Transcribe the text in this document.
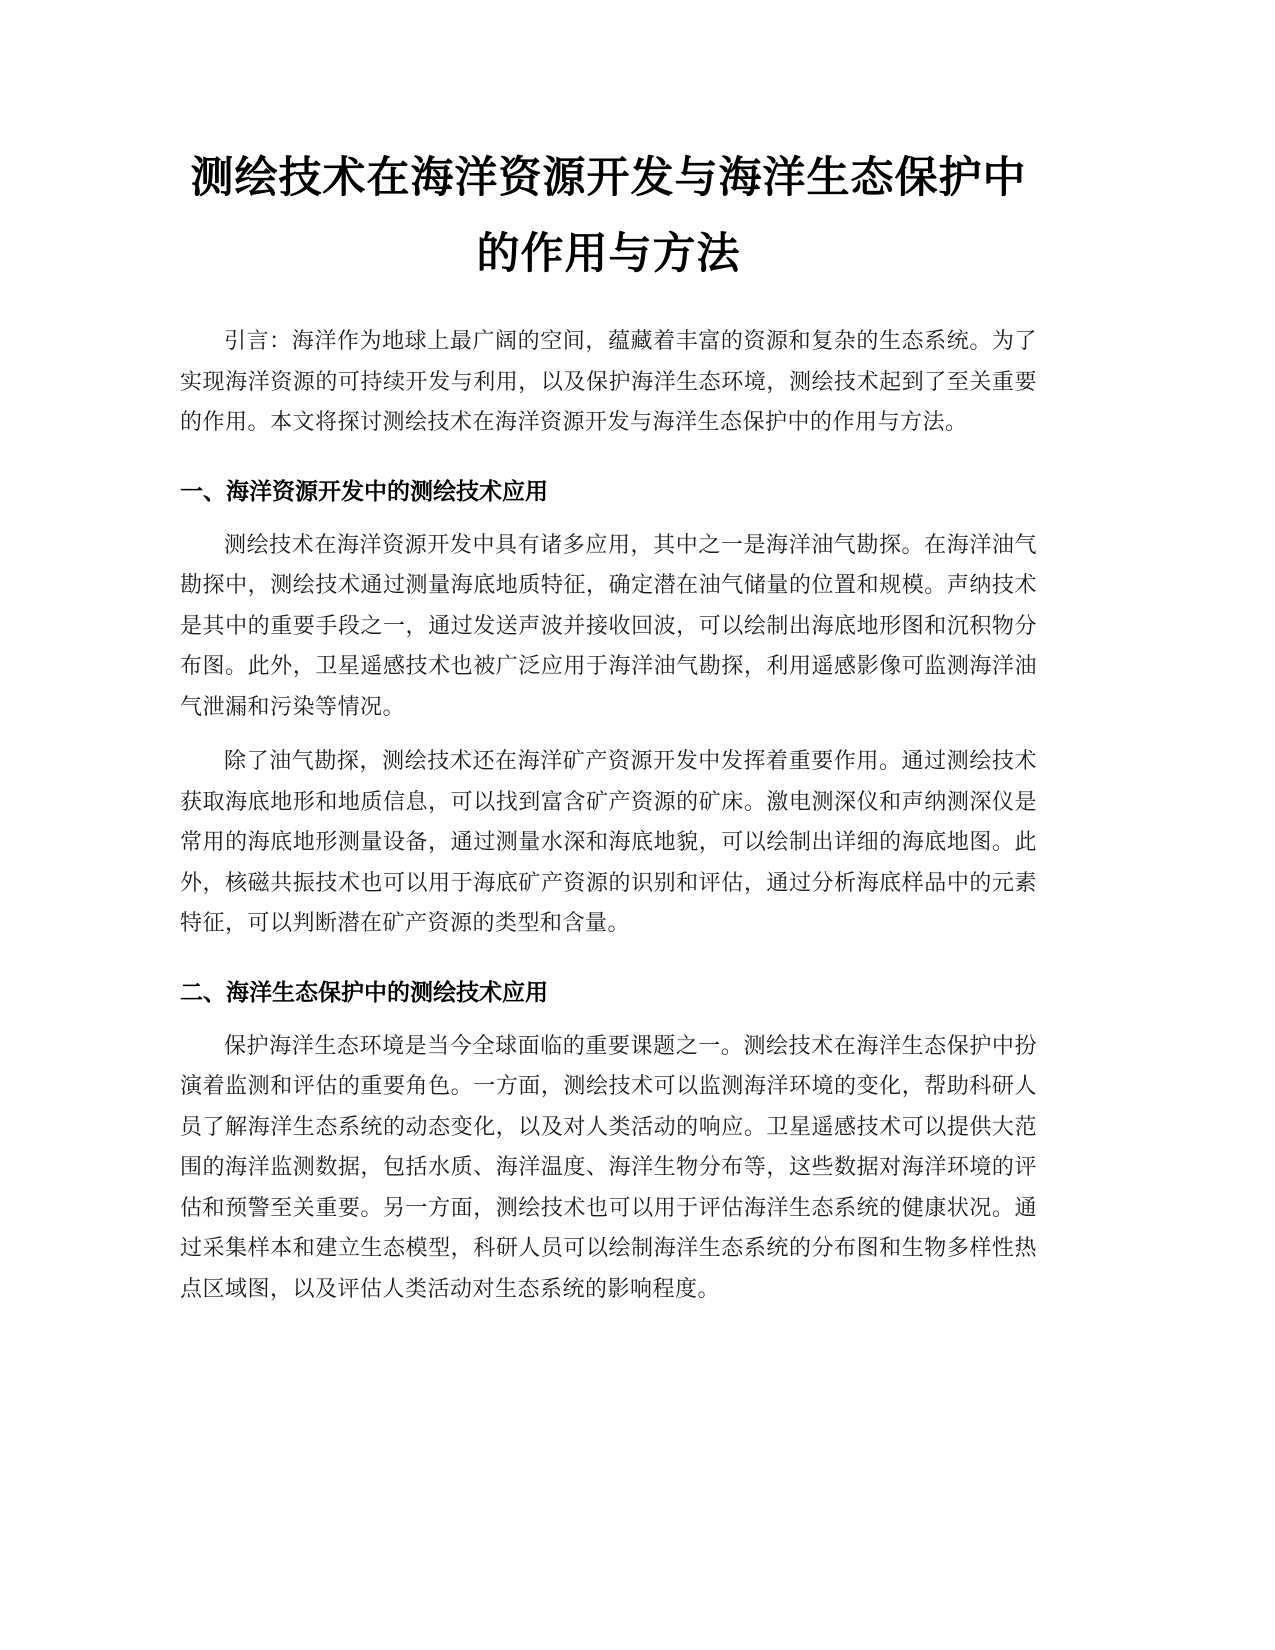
测绘技术在海洋资源开发与海洋生态保护中
的作用与方法

引言：海洋作为地球上最广阔的空间，蕴藏着丰富的资源和复杂的生态系统。为了实现海洋资源的可持续开发与利用，以及保护海洋生态环境，测绘技术起到了至关重要的作用。本文将探讨测绘技术在海洋资源开发与海洋生态保护中的作用与方法。

一、海洋资源开发中的测绘技术应用

测绘技术在海洋资源开发中具有诸多应用，其中之一是海洋油气勘探。在海洋油气勘探中，测绘技术通过测量海底地质特征，确定潜在油气储量的位置和规模。声纳技术是其中的重要手段之一，通过发送声波并接收回波，可以绘制出海底地形图和沉积物分布图。此外，卫星遥感技术也被广泛应用于海洋油气勘探，利用遥感影像可监测海洋油气泄漏和污染等情况。

除了油气勘探，测绘技术还在海洋矿产资源开发中发挥着重要作用。通过测绘技术获取海底地形和地质信息，可以找到富含矿产资源的矿床。激电测深仪和声纳测深仪是常用的海底地形测量设备，通过测量水深和海底地貌，可以绘制出详细的海底地图。此外，核磁共振技术也可以用于海底矿产资源的识别和评估，通过分析海底样品中的元素特征，可以判断潜在矿产资源的类型和含量。

二、海洋生态保护中的测绘技术应用

保护海洋生态环境是当今全球面临的重要课题之一。测绘技术在海洋生态保护中扮演着监测和评估的重要角色。一方面，测绘技术可以监测海洋环境的变化，帮助科研人员了解海洋生态系统的动态变化，以及对人类活动的响应。卫星遥感技术可以提供大范围的海洋监测数据，包括水质、海洋温度、海洋生物分布等，这些数据对海洋环境的评估和预警至关重要。另一方面，测绘技术也可以用于评估海洋生态系统的健康状况。通过采集样本和建立生态模型，科研人员可以绘制海洋生态系统的分布图和生物多样性热点区域图，以及评估人类活动对生态系统的影响程度。
